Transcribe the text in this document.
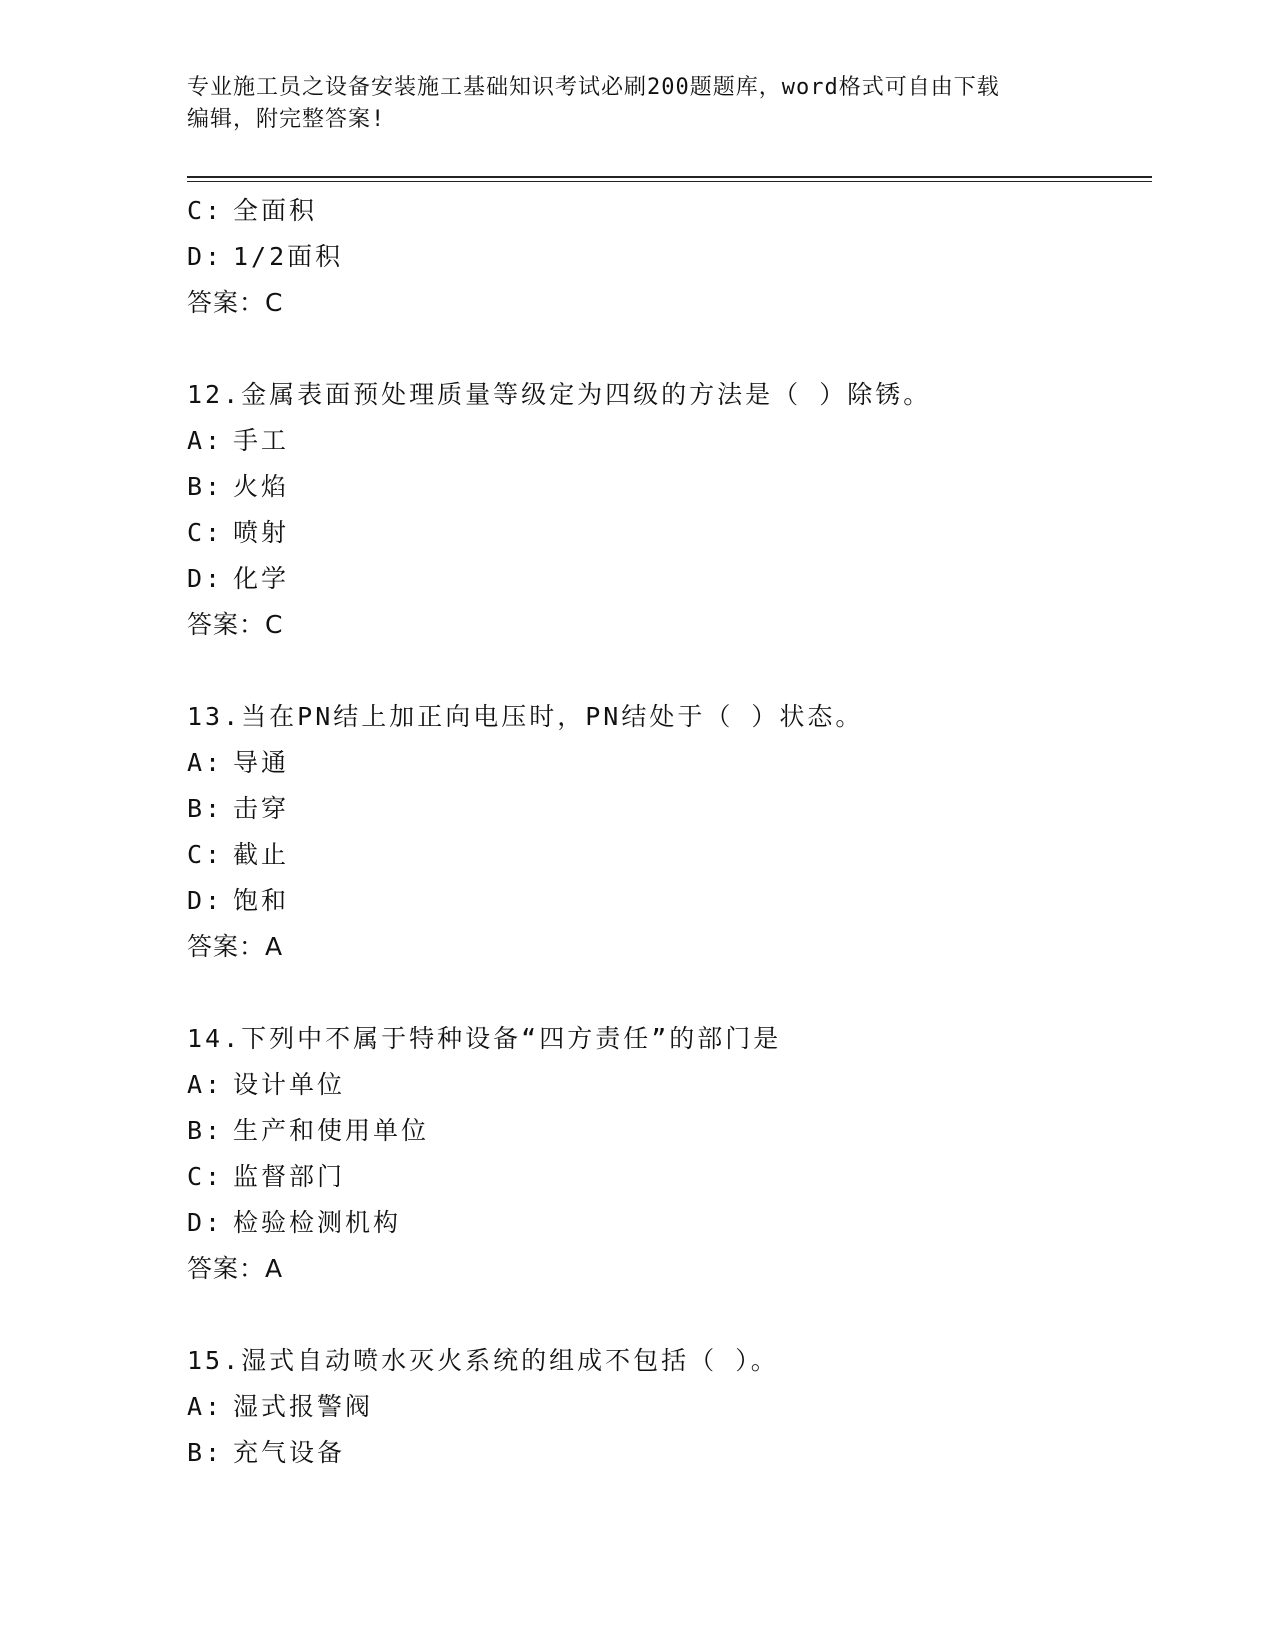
专业施工员之设备安装施工基础知识考试必刷200题题库，word格式可自由下载
编辑，附完整答案!
C: 全面积
D: 1/2面积
答案：C
12.金属表面预处理质量等级定为四级的方法是（ ）除锈。
A: 手工
B: 火焰
C: 喷射
D: 化学
答案：C
13.当在PN结上加正向电压时，PN结处于（ ）状态。
A: 导通
B: 击穿
C: 截止
D: 饱和
答案：A
14.下列中不属于特种设备“四方责任”的部门是
A: 设计单位
B: 生产和使用单位
C: 监督部门
D: 检验检测机构
答案：A
15.湿式自动喷水灭火系统的组成不包括（ ）。
A: 湿式报警阀
B: 充气设备
